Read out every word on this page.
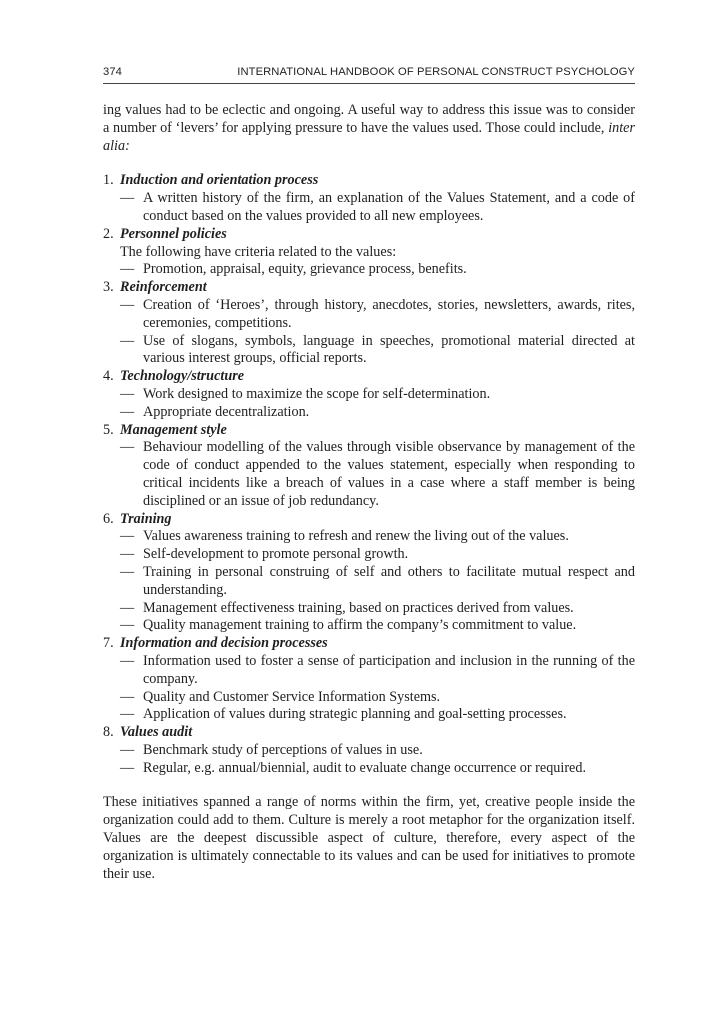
374	INTERNATIONAL HANDBOOK OF PERSONAL CONSTRUCT PSYCHOLOGY

ing values had to be eclectic and ongoing. A useful way to address this issue was to consider a number of ‘levers’ for applying pressure to have the values used. Those could include, inter alia:

1. Induction and orientation process
— A written history of the firm, an explanation of the Values Statement, and a code of conduct based on the values provided to all new employees.
2. Personnel policies
The following have criteria related to the values:
— Promotion, appraisal, equity, grievance process, benefits.
3. Reinforcement
— Creation of ‘Heroes’, through history, anecdotes, stories, newsletters, awards, rites, ceremonies, competitions.
— Use of slogans, symbols, language in speeches, promotional material directed at various interest groups, official reports.
4. Technology/structure
— Work designed to maximize the scope for self-determination.
— Appropriate decentralization.
5. Management style
— Behaviour modelling of the values through visible observance by management of the code of conduct appended to the values statement, especially when responding to critical incidents like a breach of values in a case where a staff member is being disciplined or an issue of job redundancy.
6. Training
— Values awareness training to refresh and renew the living out of the values.
— Self-development to promote personal growth.
— Training in personal construing of self and others to facilitate mutual respect and understanding.
— Management effectiveness training, based on practices derived from values.
— Quality management training to affirm the company’s commitment to value.
7. Information and decision processes
— Information used to foster a sense of participation and inclusion in the running of the company.
— Quality and Customer Service Information Systems.
— Application of values during strategic planning and goal-setting processes.
8. Values audit
— Benchmark study of perceptions of values in use.
— Regular, e.g. annual/biennial, audit to evaluate change occurrence or required.

These initiatives spanned a range of norms within the firm, yet, creative people inside the organization could add to them. Culture is merely a root metaphor for the organization itself. Values are the deepest discussible aspect of culture, therefore, every aspect of the organization is ultimately connectable to its values and can be used for initiatives to promote their use.
